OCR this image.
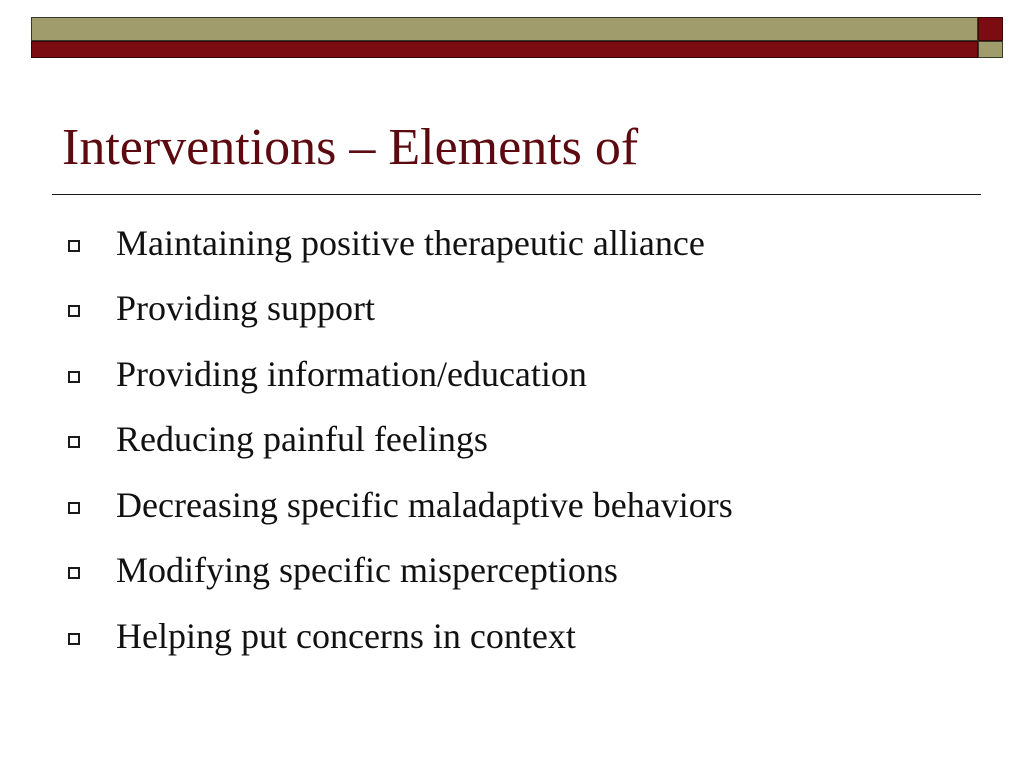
Interventions – Elements of
Maintaining positive therapeutic alliance
Providing support
Providing information/education
Reducing painful feelings
Decreasing specific maladaptive behaviors
Modifying specific misperceptions
Helping put concerns in context
